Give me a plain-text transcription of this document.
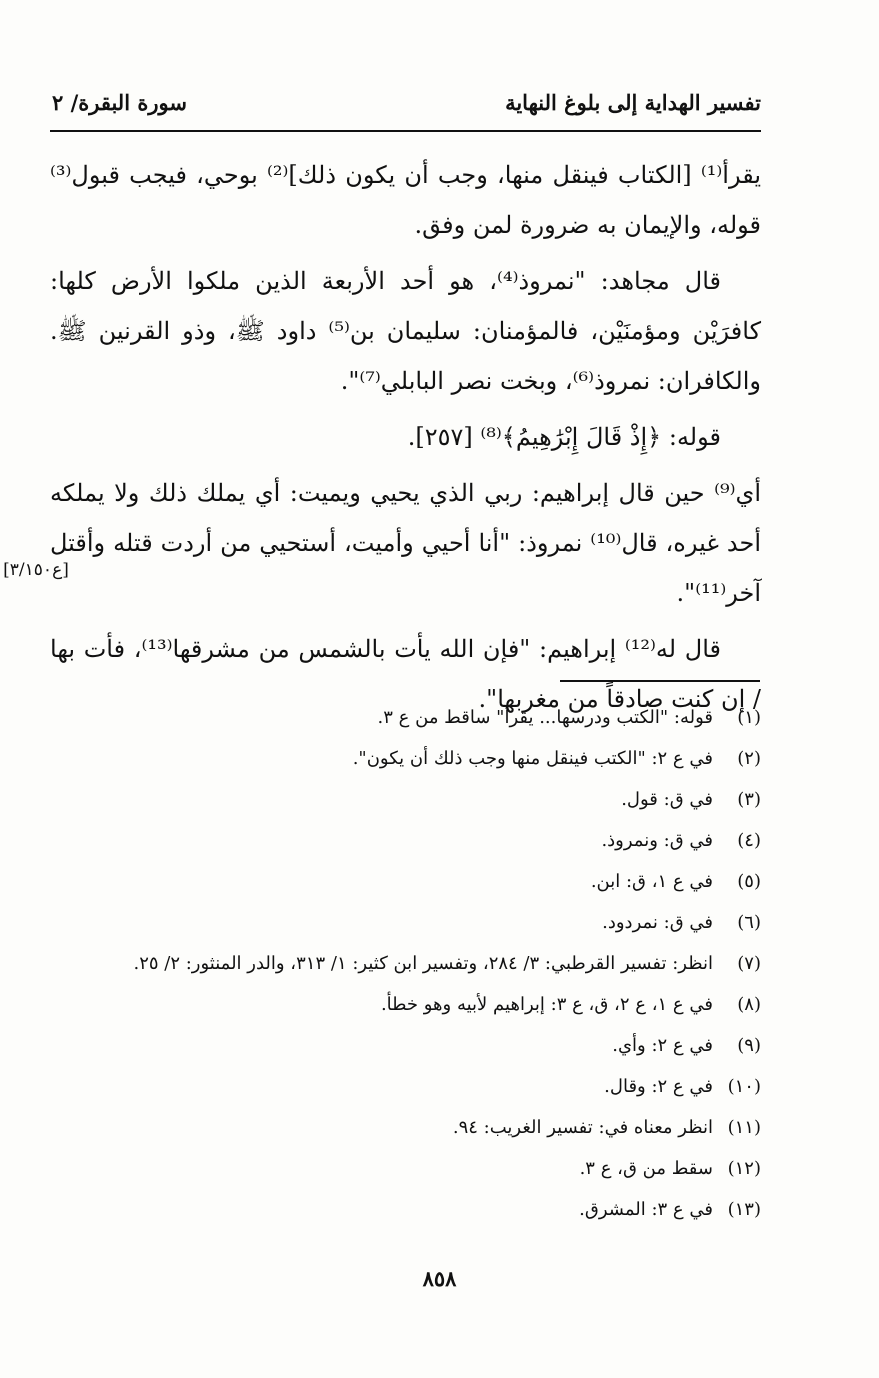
تفسير الهداية إلى بلوغ النهاية
سورة البقرة/ ٢

يقرأ⁽¹⁾ [الكتاب فينقل منها، وجب أن يكون ذلك]⁽²⁾ بوحي، فيجب قبول⁽³⁾ قوله، والإيمان به ضرورة لمن وفق.

قال مجاهد: "نمروذ⁽⁴⁾، هو أحد الأربعة الذين ملكوا الأرض كلها: كافرَيْن ومؤمنَيْن، فالمؤمنان: سليمان بن⁽⁵⁾ داود ﷺ، وذو القرنين ﷺ. والكافران: نمروذ⁽⁶⁾، وبخت نصر البابلي⁽⁷⁾".

قوله: ﴿إِذْ قَالَ إِبْرَٰهِيمُ﴾⁽⁸⁾ [٢٥٧].

أي⁽⁹⁾ حين قال إبراهيم: ربي الذي يحيي ويميت: أي يملك ذلك ولا يملكه أحد غيره، قال⁽¹⁰⁾ نمروذ: "أنا أحيي وأميت، أستحيي من أردت قتله وأقتل آخر⁽¹¹⁾".

قال له⁽¹²⁾ إبراهيم: "فإن الله يأت بالشمس من مشرقها⁽¹³⁾، فأت بها / إن كنت صادقاً من مغربها".

[ع٣/١٥٠]
(١)قوله: "الكتب ودرسها... يقرأ" ساقط من ع ٣.
(٢)في ع ٢: "الكتب فينقل منها وجب ذلك أن يكون".
(٣)في ق: قول.
(٤)في ق: ونمروذ.
(٥)في ع ١، ق: ابن.
(٦)في ق: نمردود.
(٧)انظر: تفسير القرطبي: ٣/ ٢٨٤، وتفسير ابن كثير: ١/ ٣١٣، والدر المنثور: ٢/ ٢٥.
(٨)في ع ١، ع ٢، ق، ع ٣: إبراهيم لأبيه وهو خطأ.
(٩)في ع ٢: وأي.
(١٠)في ع ٢: وقال.
(١١)انظر معناه في: تفسير الغريب: ٩٤.
(١٢)سقط من ق، ع ٣.
(١٣)في ع ٣: المشرق.
٨٥٨
